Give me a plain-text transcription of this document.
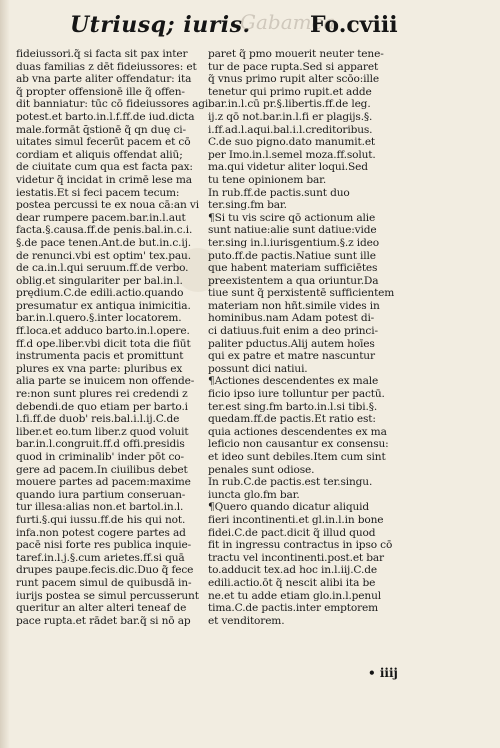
Utriusq; iuris.
Gabamea
Fo.cviii
fideiussori.q̃ si facta sit pax inter
duas familias z dēt fideiussores: et
ab vna parte aliter offendatur: ita
q̃ propter offensionē ille q̃ offen-
dit banniatur: tūc cō fideiussores agi
potest.et barto.in.l.f.ff.de iud.dicta
male.formāt q̄stionē q̃ qn duę ci-
uitates simul fecerūt pacem et cō
cordiam et aliquis offendat aliū;
de ciuitate cum qua est facta pax:
videtur q̃ incidat in crimē lese ma
iestatis.Et si feci pacem tecum:
postea percussi te ex noua cā:an vi
dear rumpere pacem.bar.in.l.aut
facta.§.causa.ff.de penis.bal.in.c.i.
§.de pace tenen.Ant.de but.in.c.ij.
de renunci.vbi est optim' tex.pau.
de ca.in.l.qui seruum.ff.de verbo.
oblig.et singulariter per bal.in.l.
prędium.C.de edili.actio.quando
presumatur ex antiqua inimicitia.
bar.in.l.quero.§.inter locatorem.
ff.loca.et adduco barto.in.l.opere.
ff.d ope.liber.vbi dicit tota die fiūt
instrumenta pacis et promittunt
plures ex vna parte: pluribus ex
alia parte se inuicem non offende-
re:non sunt plures rei credendi z
debendi.de quo etiam per barto.i
l.fi.ff.de duob' reis.bal.i.l.ij.C.de
liber.et eo.tum liber.z quod voluit
bar.in.l.congruit.ff.d offi.presidis
quod in criminalib' inder pōt co-
gere ad pacem.In ciuilibus debet
mouere partes ad pacem:maxime
quando iura partium conseruan-
tur illesa:alias non.et bartol.in.l.
furti.§.qui iussu.ff.de his qui not.
infa.non potest cogere partes ad
pacē nisi forte res publica inquie-
taref.in.l.j.§.cum arietes.ff.si quā
drupes paupe.fecis.dic.Duo q̃ fece
runt pacem simul de quibusdā in-
iurijs postea se simul percusserunt
queritur an alter alteri teneaf de
pace rupta.et rādet bar.q̃ si nō ap
paret q̃ pmo mouerit neuter tene-
tur de pace rupta.Sed si apparet
q̃ vnus primo rupit alter scōo:ille
tenetur qui primo rupit.et adde
bar.in.l.cū pr.§.libertis.ff.de leg.
ij.z qō not.bar.in.l.fi er plagijs.§.
i.ff.ad.l.aqui.bal.i.l.creditoribus.
C.de suo pigno.dato manumit.et
per Imo.in.l.semel moza.ff.solut.
ma.qui videtur aliter loqui.Sed
tu tene opinionem bar.
In rub.ff.de pactis.sunt duo
ter.sing.fm bar.
¶Si tu vis scire qō actionum alie
sunt natiue:alie sunt datiue:vide
ter.sing in.l.iurisgentium.§.z ideo
puto.ff.de pactis.Natiue sunt ille
que habent materiam sufficiētes
preexistentem a qua oriuntur.Da
tiue sunt q̃ perxistentē sufficientem
materiam non hñt.simile vides in
hominibus.nam Adam potest di-
ci datiuus.fuit enim a deo princi-
paliter pductus.Alij autem hoīes
qui ex patre et matre nascuntur
possunt dici natiui.
¶Actiones descendentes ex male
ficio ipso iure tolluntur per pactū.
ter.est sing.fm barto.in.l.si tibi.§.
quedam.ff.de pactis.Et ratio est:
quia actiones descendentes ex ma
leficio non causantur ex consensu:
et ideo sunt debiles.Item cum sint
penales sunt odiose.
In rub.C.de pactis.est ter.singu.
iuncta glo.fm bar.
¶Quero quando dicatur aliquid
fieri incontinenti.et gl.in.l.in bone
fidei.C.de pact.dicit q̃ illud quod
fit in ingressu contractus in ipso cō
tractu vel incontinenti.post.et bar
to.adducit tex.ad hoc in.l.iij.C.de
edili.actio.ōt q̃ nescit alibi ita be
ne.et tu adde etiam glo.in.l.penul
tima.C.de pactis.inter emptorem
et venditorem.
• iiij
